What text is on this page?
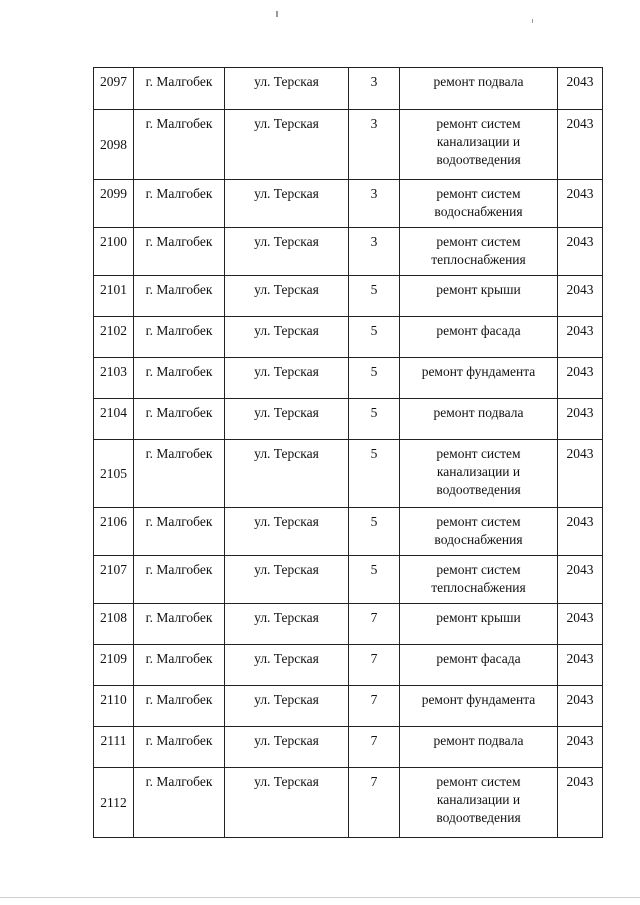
2097	г. Малгобек	ул. Терская	3	ремонт подвала	2043
2098	г. Малгобек	ул. Терская	3	ремонт систем
канализации и
водоотведения	2043
2099	г. Малгобек	ул. Терская	3	ремонт систем
водоснабжения	2043
2100	г. Малгобек	ул. Терская	3	ремонт систем
теплоснабжения	2043
2101	г. Малгобек	ул. Терская	5	ремонт крыши	2043
2102	г. Малгобек	ул. Терская	5	ремонт фасада	2043
2103	г. Малгобек	ул. Терская	5	ремонт фундамента	2043
2104	г. Малгобек	ул. Терская	5	ремонт подвала	2043
2105	г. Малгобек	ул. Терская	5	ремонт систем
канализации и
водоотведения	2043
2106	г. Малгобек	ул. Терская	5	ремонт систем
водоснабжения	2043
2107	г. Малгобек	ул. Терская	5	ремонт систем
теплоснабжения	2043
2108	г. Малгобек	ул. Терская	7	ремонт крыши	2043
2109	г. Малгобек	ул. Терская	7	ремонт фасада	2043
2110	г. Малгобек	ул. Терская	7	ремонт фундамента	2043
2111	г. Малгобек	ул. Терская	7	ремонт подвала	2043
2112	г. Малгобек	ул. Терская	7	ремонт систем
канализации и
водоотведения	2043
